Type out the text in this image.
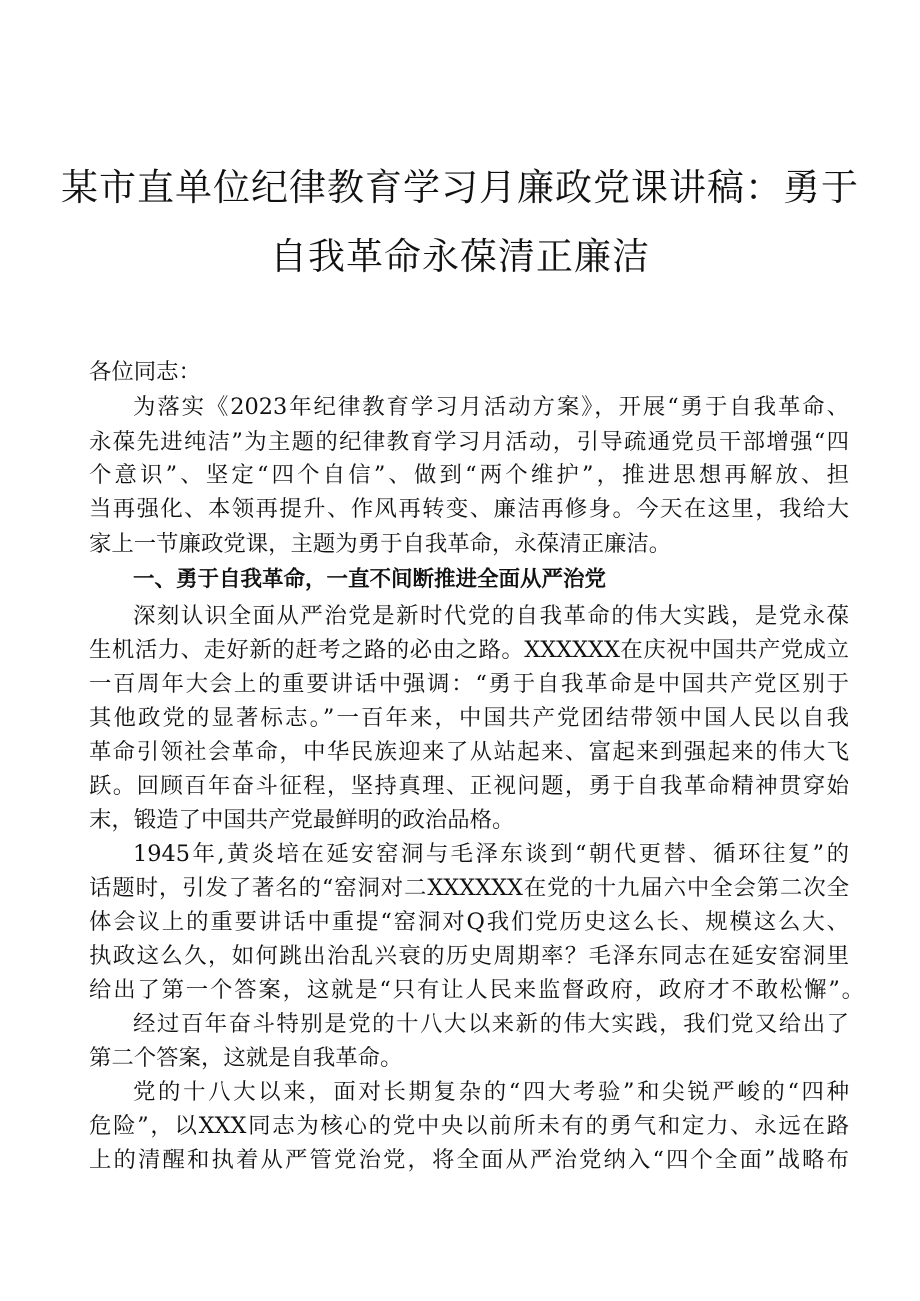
某市直单位纪律教育学习月廉政党课讲稿：勇于
自我革命永葆清正廉洁
各位同志：
为落实《2023年纪律教育学习月活动方案》，开展“勇于自我革命、
永葆先进纯洁”为主题的纪律教育学习月活动，引导疏通党员干部增强“四
个意识”、坚定“四个自信”、做到“两个维护”，推进思想再解放、担
当再强化、本领再提升、作风再转变、廉洁再修身。今天在这里，我给大
家上一节廉政党课，主题为勇于自我革命，永葆清正廉洁。
一、勇于自我革命，一直不间断推进全面从严治党
深刻认识全面从严治党是新时代党的自我革命的伟大实践，是党永葆
生机活力、走好新的赶考之路的必由之路。XXXXXX在庆祝中国共产党成立
一百周年大会上的重要讲话中强调：“勇于自我革命是中国共产党区别于
其他政党的显著标志。”一百年来，中国共产党团结带领中国人民以自我
革命引领社会革命，中华民族迎来了从站起来、富起来到强起来的伟大飞
跃。回顾百年奋斗征程，坚持真理、正视问题，勇于自我革命精神贯穿始
末，锻造了中国共产党最鲜明的政治品格。
1945年,黄炎培在延安窑洞与毛泽东谈到“朝代更替、循环往复”的
话题时，引发了著名的“窑洞对二XXXXXX在党的十九届六中全会第二次全
体会议上的重要讲话中重提“窑洞对Q我们党历史这么长、规模这么大、
执政这么久，如何跳出治乱兴衰的历史周期率？毛泽东同志在延安窑洞里
给出了第一个答案，这就是“只有让人民来监督政府，政府才不敢松懈”。
经过百年奋斗特别是党的十八大以来新的伟大实践，我们党又给出了
第二个答案，这就是自我革命。
党的十八大以来，面对长期复杂的“四大考验”和尖锐严峻的“四种
危险”，以XXX同志为核心的党中央以前所未有的勇气和定力、永远在路
上的清醒和执着从严管党治党，将全面从严治党纳入“四个全面”战略布
